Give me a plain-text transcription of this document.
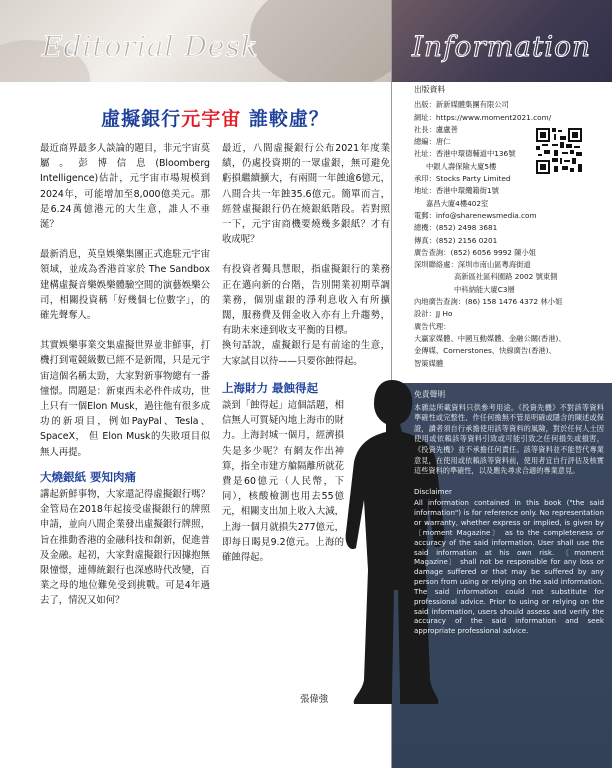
Editorial Desk	Information
虛擬銀行元宇宙 誰較虛？

最近商界最多人談論的題目，非元宇宙莫屬。彭博信息(Bloomberg Intelligence)估計，元宇宙市場規模到2024年，可能增加至8,000億美元。那是6.24萬億港元的大生意，誰人不垂涎？

最新消息，英皇娛樂集團正式進駐元宇宙領域，並成為香港首家於 The Sandbox 建構虛擬音樂娛樂體驗空間的演藝娛樂公司，相關投資稱「好幾個七位數字」，的確先聲奪人。

其實娛樂事業交集虛擬世界並非鮮事，打機打到電競級數已經不是新聞，只是元宇宙這個名稱太勁，大家對新事物總有一番憧憬。問題是：新東西未必件件成功，世上只有一個Elon Musk，過往他有很多成功的新項目，例如PayPal、Tesla、SpaceX， 但 Elon Musk的失敗項目似無人再提。

大燒銀紙 要知肉痛

講起新鮮事物，大家還記得虛擬銀行嗎？金管局在2018年起接受虛擬銀行的牌照申請，並向八間企業發出虛擬銀行牌照，旨在推動香港的金融科技和創新，促進普及金融。起初，大家對虛擬銀行因據抱無限憧憬，連傳統銀行也深感時代改變，百業之母的地位難免受到挑戰。可是4年過去了，情況又如何？

最近，八間虛擬銀行公布2021年度業績，仍處投資期的一眾虛銀，無可避免虧損繼續擴大，有兩間一年蝕逾6億元，八間合共一年蝕35.6億元。簡單而言，經營虛擬銀行仍在燒銀紙階段。若對照一下，元宇宙商機要燒幾多銀紙？才有收成呢？

有投資者獨具慧眼，指虛擬銀行的業務正在邁向新的台階，告別開業初期草調業務，個別虛銀的淨利息收入有所擴闊，服務費及佣金收入亦有上升趨勢，有助未來達到收支平衡的目標。

換句話說，虛擬銀行是有前途的生意，大家試目以待——只要你蝕得起。

上海財力 最蝕得起

談到「蝕得起」這個話題，相信無人可質疑內地上海市的財力。上海封城一個月，經濟損失是多少呢？有網友作出神算，指全市建方艙隔離所就花費是60億元（人民幣，下同），核酸檢測也用去55億元，相關支出加上收入大減，上海一個月就損失277億元，即每日暍見9.2億元。上海的確蝕得起。

張偉強
出版資料
出版：新新媒體集團有限公司
網址：https://www.moment2021.com/
社長：盧盧善
總編：唐仁
社址：香港中環德輔道中136號
中銀人壽保險大廈5樓
承印：Stocks Party Limited
地址：香港中環纜籍街1號
嘉昌大廈4樓402室
電郵：info@sharenewsmedia.com
總機：(852) 2498 3681
傳真：(852) 2156 0201
廣告查詢：(852) 6056 9992 陳小姐
深圳聯絡處：深圳市南山區粵海街道
高新區社區科園路 2002 號東側
中科納能大廈C3層
內地廣告查詢：(86) 158 1476 4372 林小姐
設計：JJ Ho
廣告代理：
大贏家媒體、中國互動媒體、金融公關(香港)、
金傳媒、Cornerstones、快線廣告(香港)、
智策媒體
免責聲明

本雜誌所載資料只供參考用途。《投資先機》不對該等資料準確性或完整性、作任何擔無不管是明確或隱含的陳述或保證，讀者須自行承擔使用該等資料的風險，對於任何人士因使用或依賴該等資料引致或可能引致之任何損失或損害，《投資先機》並不承擔任何責任。該等資料並不能替代專業意見，在使用或依賴該等資料前，使用者宜自行評估及核實這些資料的準確性，以及應先尋求合適的專業意見。

Disclaimer

All information contained in this book ("the said information") is for reference only. No representation or warranty, whether express or implied, is given by 〔moment Magazine〕 as to the completeness or accuracy of the said information. User shall use the said information at his own risk. 〔moment Magazine〕 shall not be responsible for any loss or damage suffered or that may be suffered by any person from using or relying on the said information. The said information could not substitute for professional advice. Prior to using or relying on the said information, users should assess and verify the accuracy of the said information and seek appropriate professional advice.
